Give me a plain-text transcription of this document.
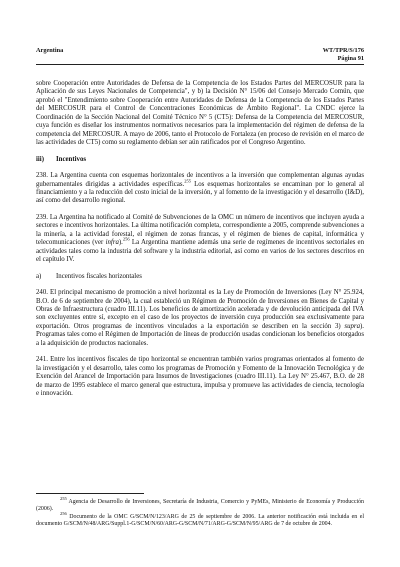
Argentina	WT/TPR/S/176
Página 91

sobre Cooperación entre Autoridades de Defensa de la Competencia de los Estados Partes del MERCOSUR para la Aplicación de sus Leyes Nacionales de Competencia", y b) la Decisión N° 15/06 del Consejo Mercado Común, que aprobó el "Entendimiento sobre Cooperación entre Autoridades de Defensa de la Competencia de los Estados Partes del MERCOSUR para el Control de Concentraciones Económicas de Ámbito Regional". La CNDC ejerce la Coordinación de la Sección Nacional del Comité Técnico N° 5 (CT5): Defensa de la Competencia del MERCOSUR, cuya función es diseñar los instrumentos normativos necesarios para la implementación del régimen de defensa de la competencia del MERCOSUR. A mayo de 2006, tanto el Protocolo de Fortaleza (en proceso de revisión en el marco de las actividades de CT5) como su reglamento debían ser aún ratificados por el Congreso Argentino.

iii) Incentivos

238. La Argentina cuenta con esquemas horizontales de incentivos a la inversión que complementan algunas ayudas gubernamentales dirigidas a actividades específicas.$^{255}$ Los esquemas horizontales se encaminan por lo general al financiamiento y a la reducción del costo inicial de la inversión, y al fomento de la investigación y el desarrollo (I&D), así como del desarrollo regional.

239. La Argentina ha notificado al Comité de Subvenciones de la OMC un número de incentivos que incluyen ayuda a sectores e incentivos horizontales. La última notificación completa, correspondiente a 2005, comprende subvenciones a la minería, a la actividad forestal, el régimen de zonas francas, y el régimen de bienes de capital, informática y telecomunicaciones (ver infra).$^{256}$ La Argentina mantiene además una serie de regímenes de incentivos sectoriales en actividades tales como la industria del software y la industria editorial, así como en varios de los sectores descritos en el capítulo IV.

a) Incentivos fiscales horizontales

240. El principal mecanismo de promoción a nivel horizontal es la Ley de Promoción de Inversiones (Ley N° 25.924, B.O. de 6 de septiembre de 2004), la cual estableció un Régimen de Promoción de Inversiones en Bienes de Capital y Obras de Infraestructura (cuadro III.11). Los beneficios de amortización acelerada y de devolución anticipada del IVA son excluyentes entre sí, excepto en el caso de los proyectos de inversión cuya producción sea exclusivamente para exportación. Otros programas de incentivos vinculados a la exportación se describen en la sección 3) supra). Programas tales como el Régimen de Importación de líneas de producción usadas condicionan los beneficios otorgados a la adquisición de productos nacionales.

241. Entre los incentivos fiscales de tipo horizontal se encuentran también varios programas orientados al fomento de la investigación y el desarrollo, tales como los programas de Promoción y Fomento de la Innovación Tecnológica y de Exención del Arancel de Importación para Insumos de Investigaciones (cuadro III.11). La Ley N° 25.467, B.O. de 28 de marzo de 1995 establece el marco general que estructura, impulsa y promueve las actividades de ciencia, tecnología e innovación.

$^{255}$ Agencia de Desarrollo de Inversiones, Secretaría de Industria, Comercio y PyMEs, Ministerio de Economía y Producción (2006).

$^{256}$ Documento de la OMC G/SCM/N/123/ARG de 25 de septiembre de 2006. La anterior notificación está incluida en el documento G/SCM/N/48/ARG/Suppl.1-G/SCM/N/60/ARG-G/SCM/N/71/ARG-G/SCM/N/95/ARG de 7 de octubre de 2004.
